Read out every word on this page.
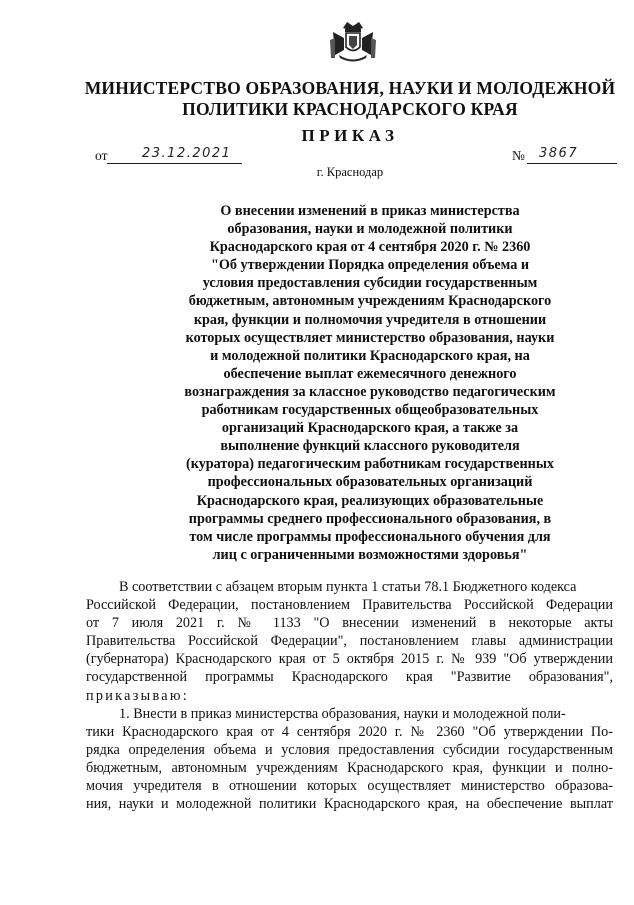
МИНИСТЕРСТВО ОБРАЗОВАНИЯ, НАУКИ И МОЛОДЕЖНОЙ
ПОЛИТИКИ КРАСНОДАРСКОГО КРАЯ
ПРИКАЗ
от	23.12.2021	№ 3867
г. Краснодар
О внесении изменений в приказ министерства
образования, науки и молодежной политики
Краснодарского края от 4 сентября 2020 г. № 2360
"Об утверждении Порядка определения объема и
условия предоставления субсидии государственным
бюджетным, автономным учреждениям Краснодарского
края, функции и полномочия учредителя в отношении
которых осуществляет министерство образования, науки
и молодежной политики Краснодарского края, на
обеспечение выплат ежемесячного денежного
вознаграждения за классное руководство педагогическим
работникам государственных общеобразовательных
организаций Краснодарского края, а также за
выполнение функций классного руководителя
(куратора) педагогическим работникам государственных
профессиональных образовательных организаций
Краснодарского края, реализующих образовательные
программы среднего профессионального образования, в
том числе программы профессионального обучения для
лиц с ограниченными возможностями здоровья"
В соответствии с абзацем вторым пункта 1 статьи 78.1 Бюджетного кодекса
Российской Федерации, постановлением Правительства Российской Федерации
от 7 июля 2021 г. № 1133 "О внесении изменений в некоторые акты
Правительства Российской Федерации", постановлением главы администрации
(губернатора) Краснодарского края от 5 октября 2015 г. № 939 "Об утверждении
государственной программы Краснодарского края "Развитие образования",
приказываю:
1. Внести в приказ министерства образования, науки и молодежной поли-
тики Краснодарского края от 4 сентября 2020 г. № 2360 "Об утверждении По-
рядка определения объема и условия предоставления субсидии государственным
бюджетным, автономным учреждениям Краснодарского края, функции и полно-
мочия учредителя в отношении которых осуществляет министерство образова-
ния, науки и молодежной политики Краснодарского края, на обеспечение выплат
